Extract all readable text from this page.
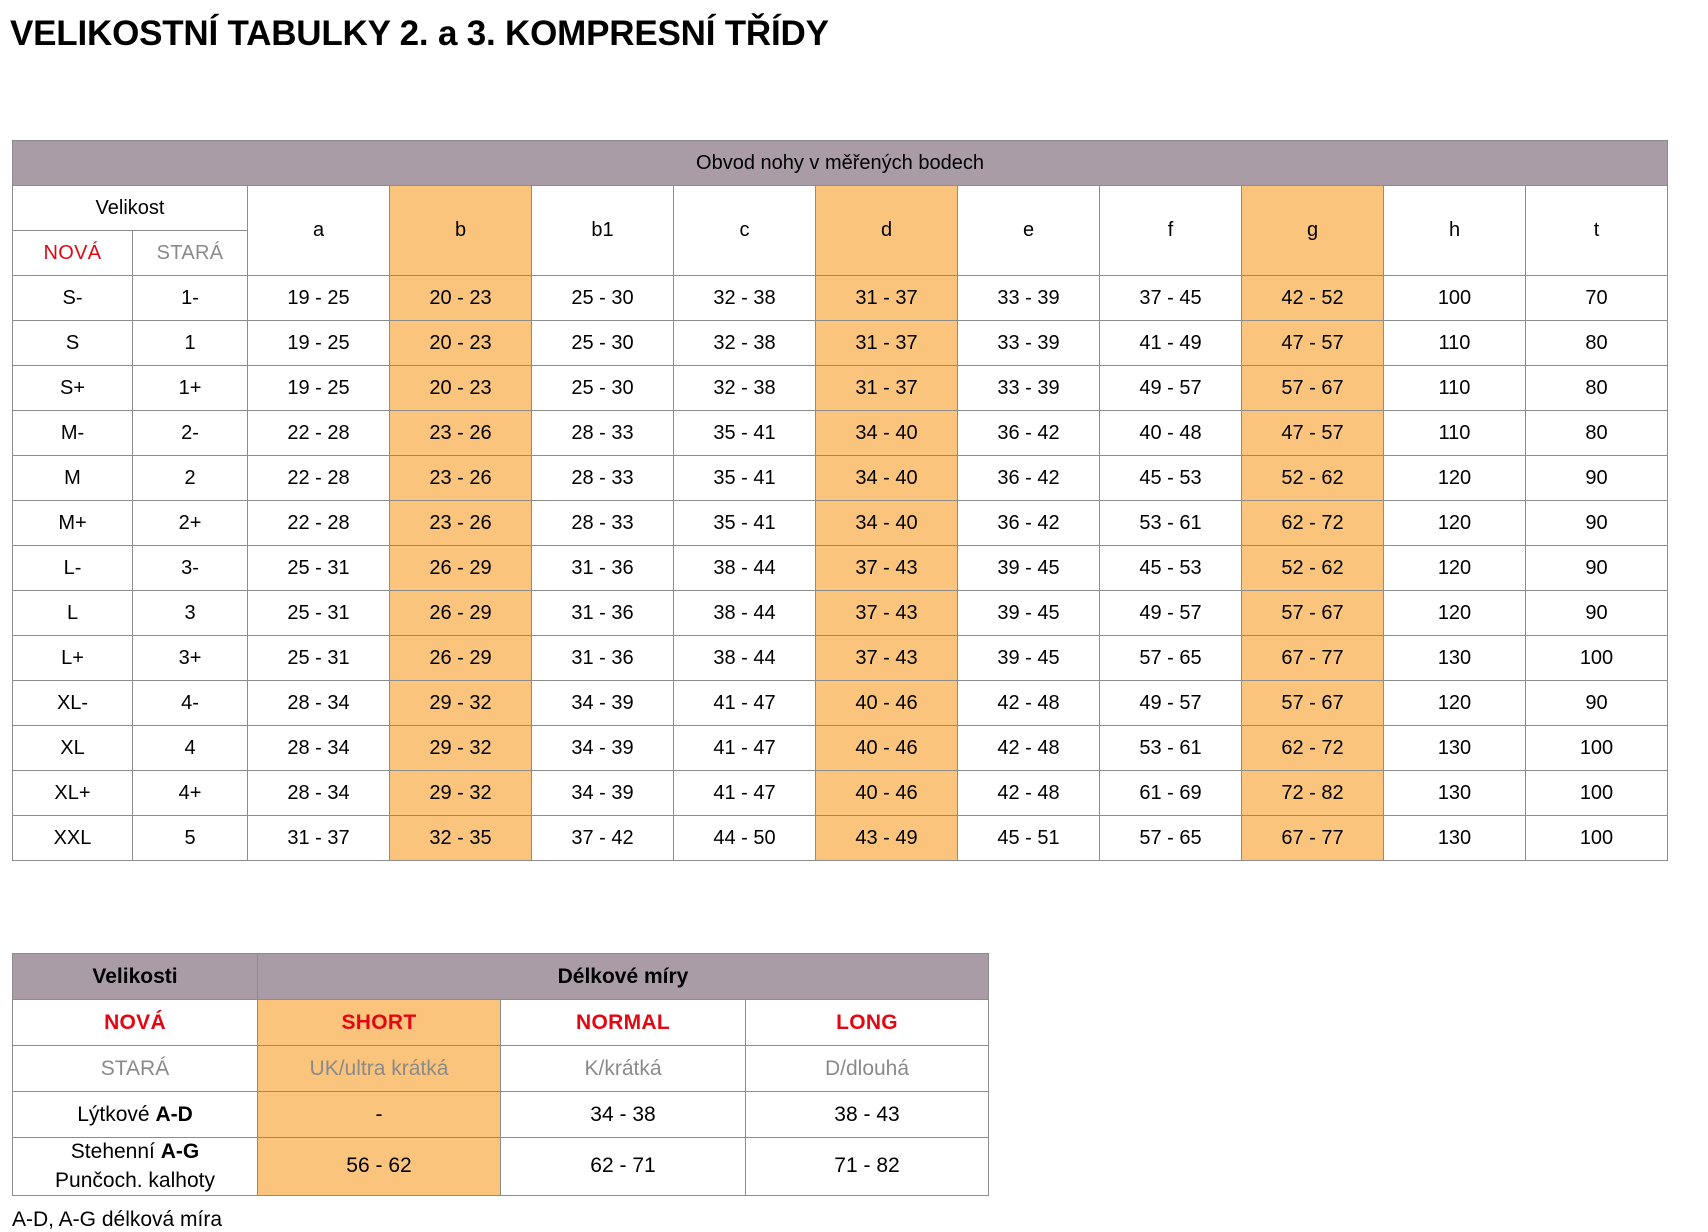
VELIKOSTNÍ TABULKY 2. a 3. KOMPRESNÍ TŘÍDY
Obvod nohy v měřených bodech											
Velikost		a	b	b1	c	d	e	f	g	h	t
NOVÁ	STARÁ										
S-	1-	19 - 25	20 - 23	25 - 30	32 - 38	31 - 37	33 - 39	37 - 45	42 - 52	100	70
S	1	19 - 25	20 - 23	25 - 30	32 - 38	31 - 37	33 - 39	41 - 49	47 - 57	110	80
S+	1+	19 - 25	20 - 23	25 - 30	32 - 38	31 - 37	33 - 39	49 - 57	57 - 67	110	80
M-	2-	22 - 28	23 - 26	28 - 33	35 - 41	34 - 40	36 - 42	40 - 48	47 - 57	110	80
M	2	22 - 28	23 - 26	28 - 33	35 - 41	34 - 40	36 - 42	45 - 53	52 - 62	120	90
M+	2+	22 - 28	23 - 26	28 - 33	35 - 41	34 - 40	36 - 42	53 - 61	62 - 72	120	90
L-	3-	25 - 31	26 - 29	31 - 36	38 - 44	37 - 43	39 - 45	45 - 53	52 - 62	120	90
L	3	25 - 31	26 - 29	31 - 36	38 - 44	37 - 43	39 - 45	49 - 57	57 - 67	120	90
L+	3+	25 - 31	26 - 29	31 - 36	38 - 44	37 - 43	39 - 45	57 - 65	67 - 77	130	100
XL-	4-	28 - 34	29 - 32	34 - 39	41 - 47	40 - 46	42 - 48	49 - 57	57 - 67	120	90
XL	4	28 - 34	29 - 32	34 - 39	41 - 47	40 - 46	42 - 48	53 - 61	62 - 72	130	100
XL+	4+	28 - 34	29 - 32	34 - 39	41 - 47	40 - 46	42 - 48	61 - 69	72 - 82	130	100
XXL	5	31 - 37	32 - 35	37 - 42	44 - 50	43 - 49	45 - 51	57 - 65	67 - 77	130	100
Velikosti	Délkové míry		
NOVÁ	SHORT	NORMAL	LONG
STARÁ	UK/ultra krátká	K/krátká	D/dlouhá
Lýtkové A-D	-	34 - 38	38 - 43

Stehenní A-G
Punčoch. kalhoty	56 - 62	62 - 71	71 - 82
A-D, A-G délková míra
